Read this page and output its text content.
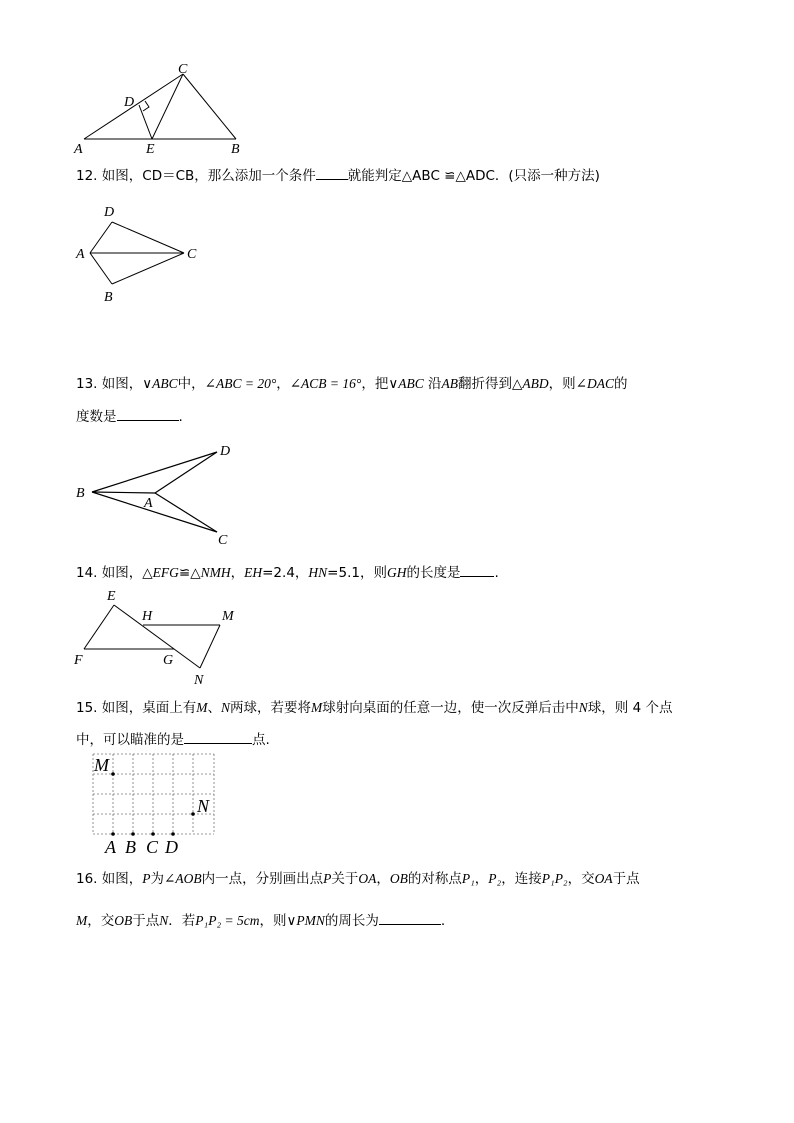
A	B
C
D
E
12. 如图，CD＝CB，那么添加一个条件 就能判定△ABC ≌△ADC．(只添一种方法)
D
A	C
B
13. 如图，∨ABC中，∠ABC = 20°，∠ACB = 16°，把∨ABC 沿AB翻折得到△ABD，则∠DAC的
度数是	.
D
B
A
C
14. 如图，△EFG≌△NMH，EH=2.4，HN=5.1，则GH的长度是	.
E
H	M
F	G
N
15. 如图，桌面上有M、N两球，若要将M球射向桌面的任意一边，使一次反弹后击中N球，则 4 个点
中，可以瞄准的是	点.
M
N
A B C D
16. 如图，P为∠AOB内一点，分别画出点P关于OA，OB的对称点P₁，P₂，连接P₁P₂，交OA于点
M，交OB于点N．若P₁P₂ = 5cm，则∨PMN的周长为	.
